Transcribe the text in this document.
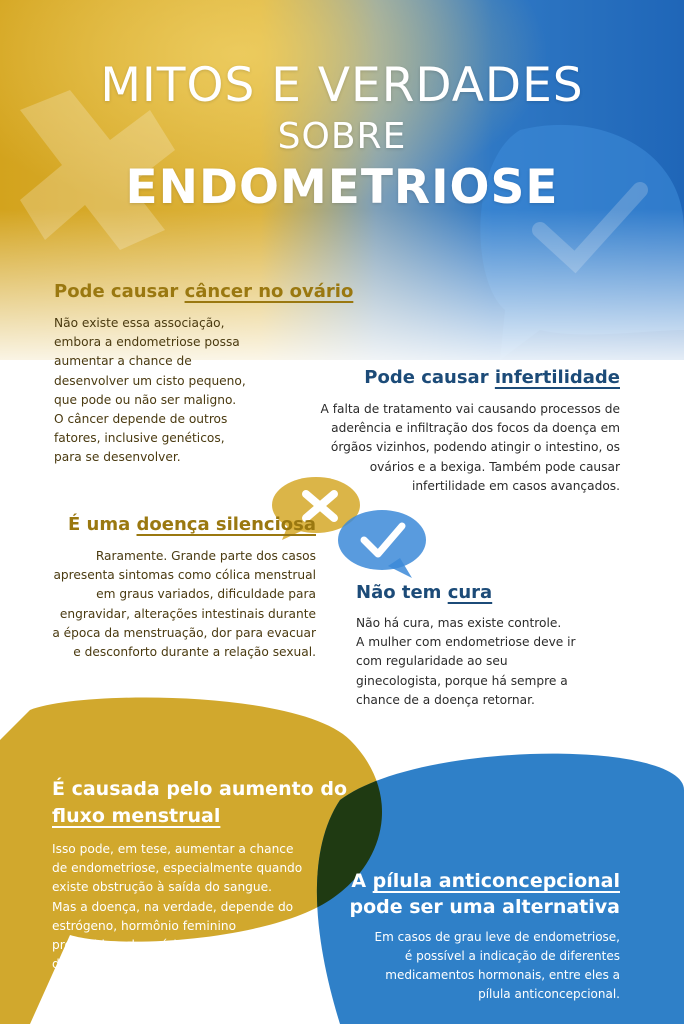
MITOS E VERDADES
SOBRE
ENDOMETRIOSE
Pode causar câncer no ovário
Não existe essa associação,
embora a endometriose possa
aumentar a chance de
desenvolver um cisto pequeno,
que pode ou não ser maligno.
O câncer depende de outros
fatores, inclusive genéticos,
para se desenvolver.
Pode causar infertilidade
A falta de tratamento vai causando processos de
aderência e infiltração dos focos da doença em
órgãos vizinhos, podendo atingir o intestino, os
ovários e a bexiga. Também pode causar
infertilidade em casos avançados.
É uma doença silenciosa
Raramente. Grande parte dos casos
apresenta sintomas como cólica menstrual
em graus variados, dificuldade para
engravidar, alterações intestinais durante
a época da menstruação, dor para evacuar
e desconforto durante a relação sexual.
Não tem cura
Não há cura, mas existe controle.
A mulher com endometriose deve ir
com regularidade ao seu
ginecologista, porque há sempre a
chance de a doença retornar.
É causada pelo aumento do
fluxo menstrual
Isso pode, em tese, aumentar a chance
de endometriose, especialmente quando
existe obstrução à saída do sangue.
Mas a doença, na verdade, depende do
estrógeno, hormônio feminino
produzido pelo ovário, para se
desenvolver.
A pílula anticoncepcional
pode ser uma alternativa
Em casos de grau leve de endometriose,
é possível a indicação de diferentes
medicamentos hormonais, entre eles a
pílula anticoncepcional.
